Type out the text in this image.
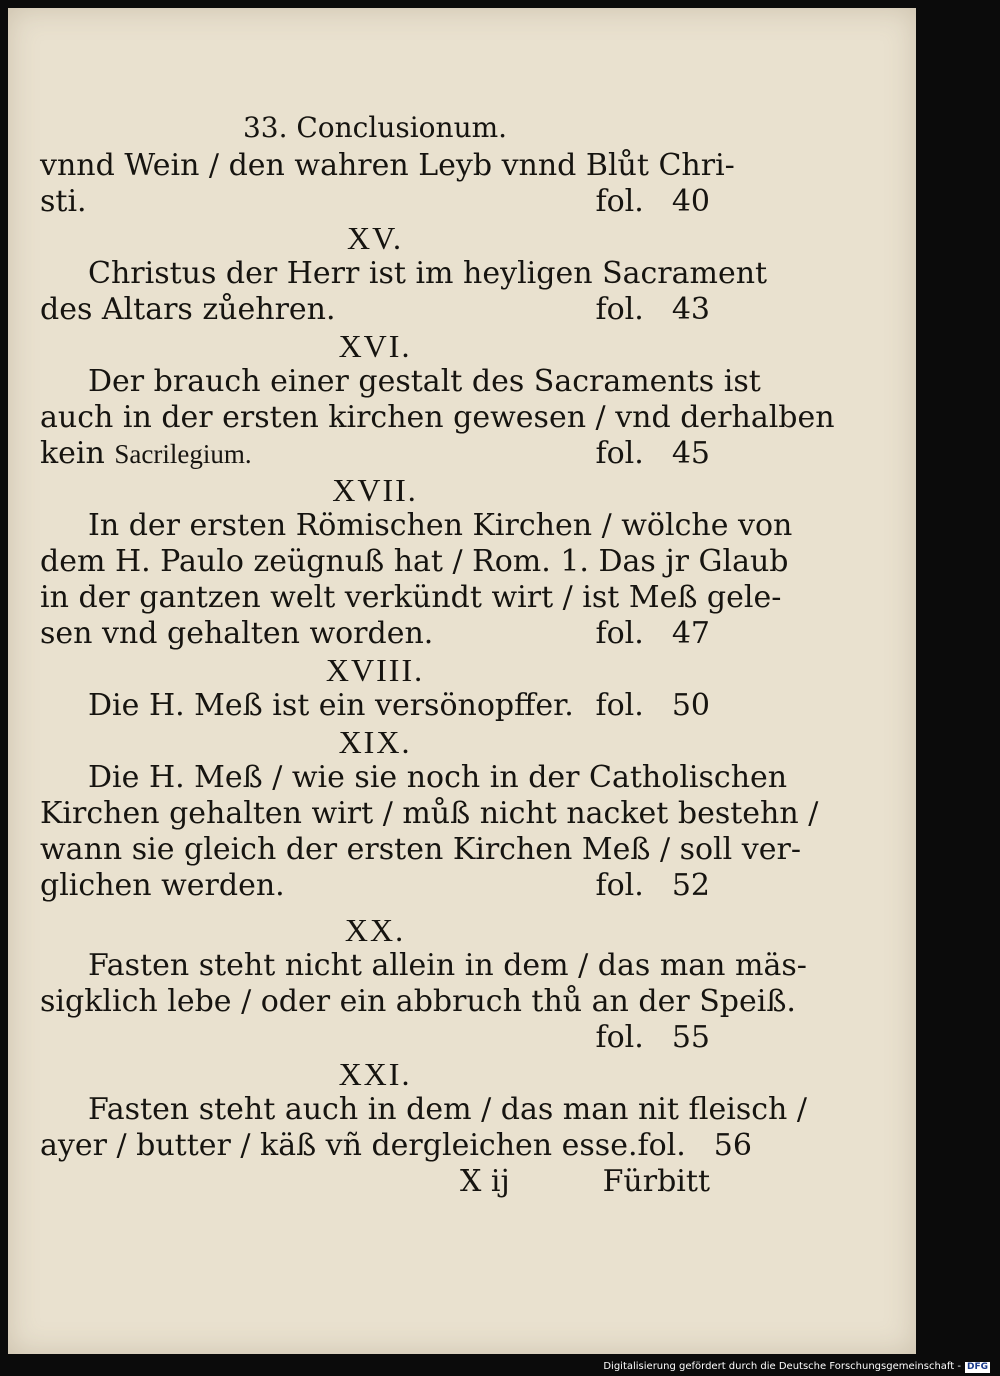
33. Conclusionum.
vnnd Wein / den wahren Leyb vnnd Blůt Chri-
sti.	fol. 40
XV.
Christus der Herr ist im heyligen Sacrament
des Altars zůehren.	fol. 43
XVI.
Der brauch einer gestalt des Sacraments ist
auch in der ersten kirchen gewesen / vnd derhalben
kein Sacrilegium.	fol. 45
XVII.
In der ersten Römischen Kirchen / wölche von
dem H. Paulo zeügnuß hat / Rom. 1. Das jr Glaub
in der gantzen welt verkündt wirt / ist Meß gele-
sen vnd gehalten worden.	fol. 47
XVIII.
Die H. Meß ist ein versönopffer. fol. 50
XIX.
Die H. Meß / wie sie noch in der Catholischen
Kirchen gehalten wirt / můß nicht nacket bestehn /
wann sie gleich der ersten Kirchen Meß / soll ver-
glichen werden.	fol. 52
XX.
Fasten steht nicht allein in dem / das man mäs-
sigklich lebe / oder ein abbruch thů an der Speiß.
fol. 55
XXI.
Fasten steht auch in dem / das man nit fleisch /
ayer / butter / käß vñ dergleichen esse. fol. 56
X ij	Fürbitt
Digitalisierung gefördert durch die Deutsche Forschungsgemeinschaft - DFG
